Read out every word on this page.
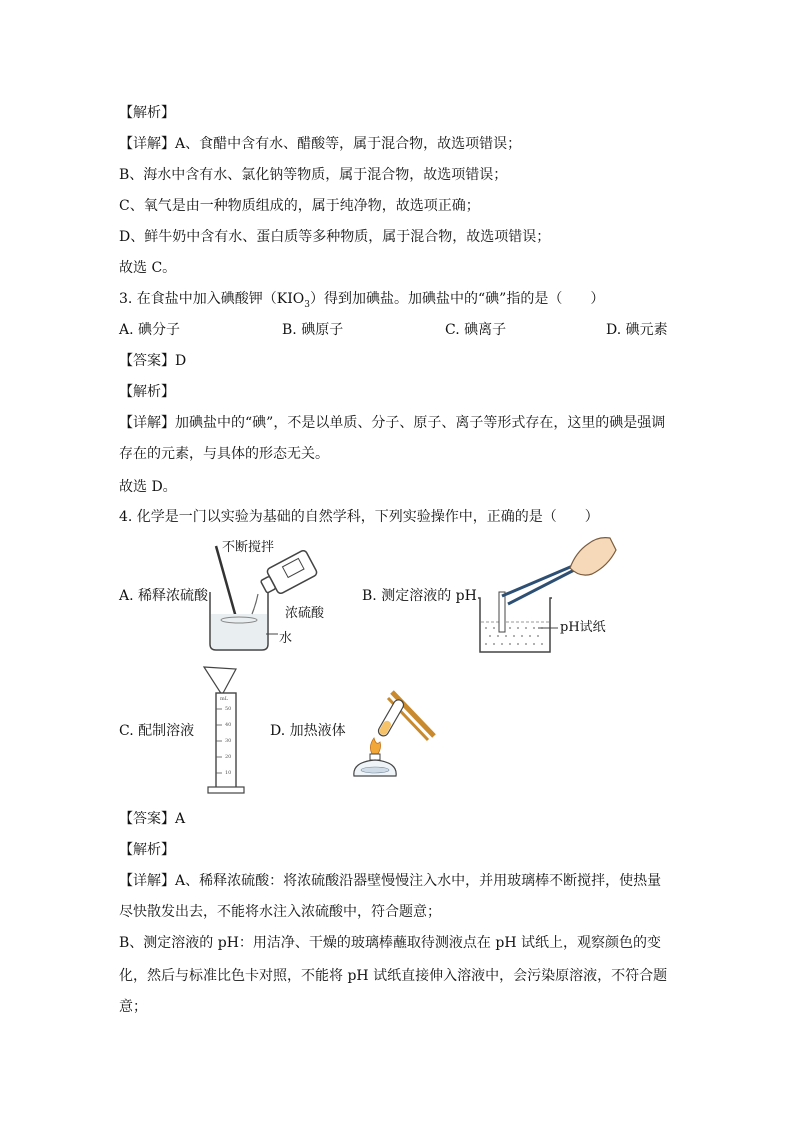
【解析】
【详解】A、食醋中含有水、醋酸等，属于混合物，故选项错误；
B、海水中含有水、氯化钠等物质，属于混合物，故选项错误；
C、氧气是由一种物质组成的，属于纯净物，故选项正确；
D、鲜牛奶中含有水、蛋白质等多种物质，属于混合物，故选项错误；
故选 C。
3. 在食盐中加入碘酸钾$(KIO_3)$得到加碘盐。加碘盐中的“碘”指的是（　　）
A. 碘分子	B. 碘原子	C. 碘离子	D. 碘元素
【答案】D
【解析】
【详解】加碘盐中的“碘”，不是以单质、分子、原子、离子等形式存在，这里的碘是强调
存在的元素，与具体的形态无关。
故选 D。
4. 化学是一门以实验为基础的自然学科，下列实验操作中，正确的是（　　）
A. 稀释浓硫酸
不断搅拌
浓硫酸
水
B. 测定溶液的 pH
pH试纸
C. 配制溶液
mL
50
40
30
20
10
D. 加热液体
【答案】A
【解析】
【详解】A、稀释浓硫酸：将浓硫酸沿器壁慢慢注入水中，并用玻璃棒不断搅拌，使热量
尽快散发出去，不能将水注入浓硫酸中，符合题意；
B、测定溶液的 pH：用洁净、干燥的玻璃棒蘸取待测液点在 pH 试纸上，观察颜色的变
化，然后与标准比色卡对照，不能将 pH 试纸直接伸入溶液中，会污染原溶液，不符合题
意；
